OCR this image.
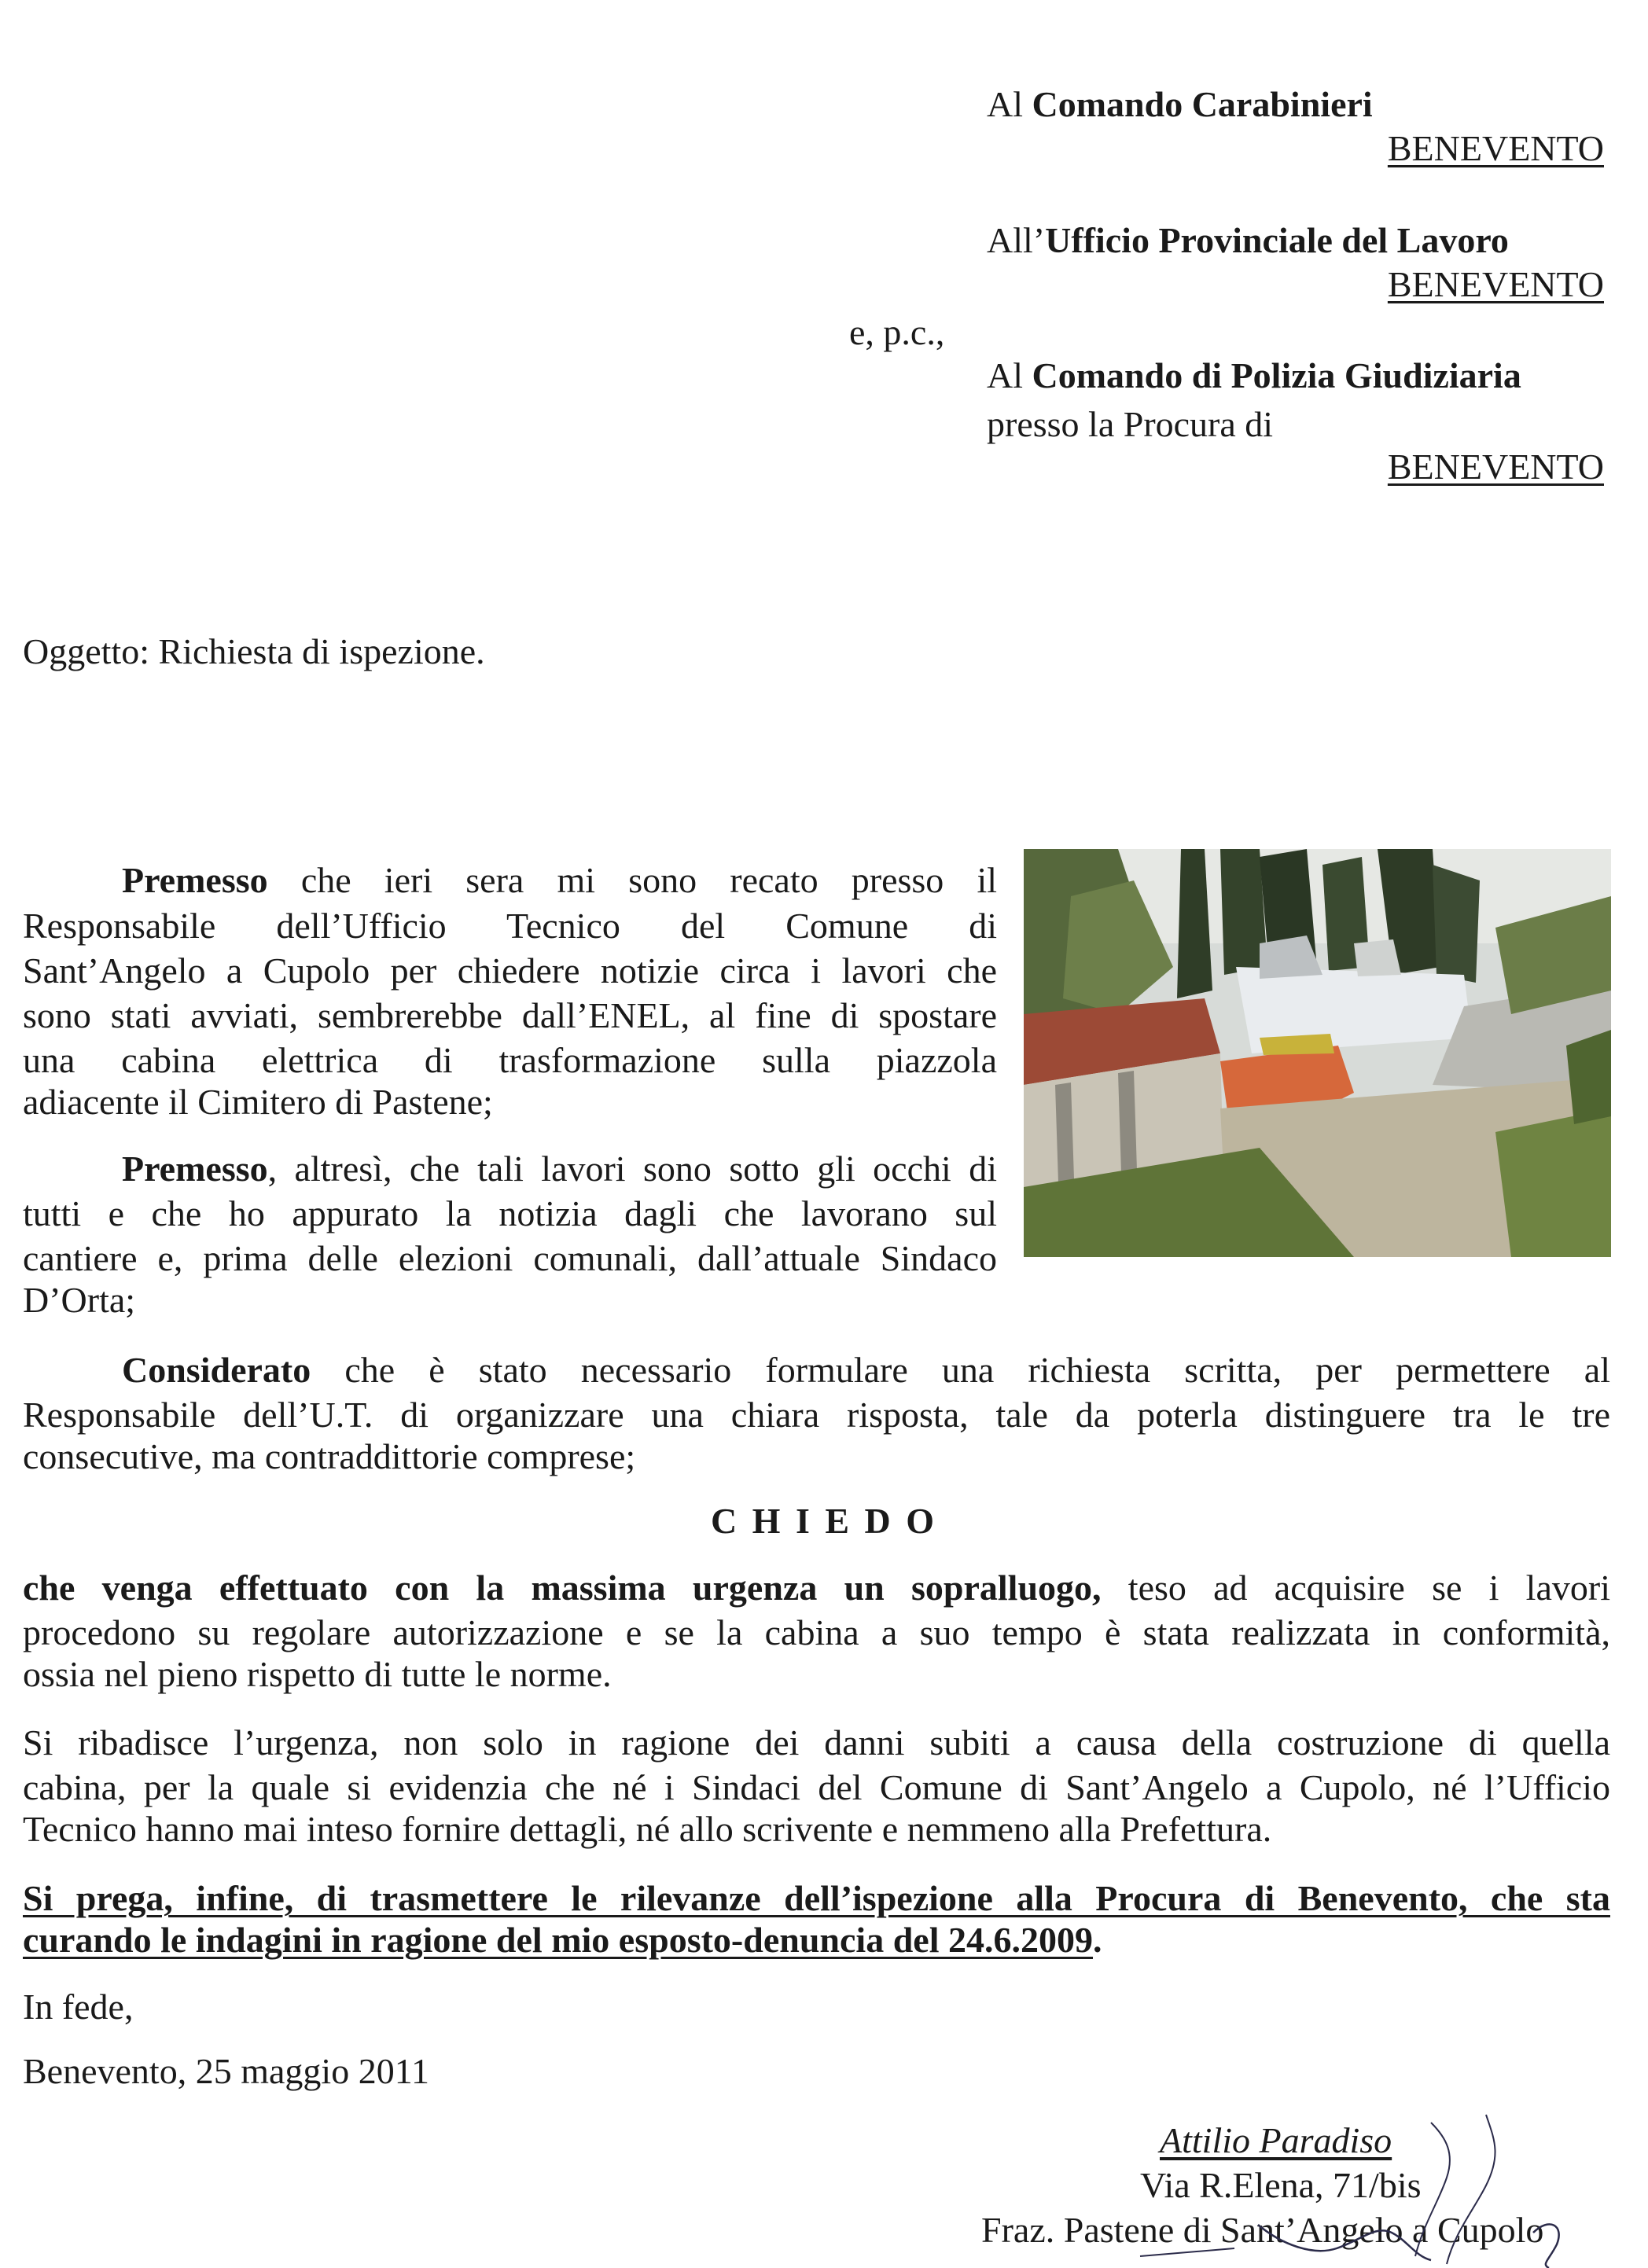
Al Comando Carabinieri
BENEVENTO
All’Ufficio Provinciale del Lavoro
BENEVENTO
e, p.c.,
Al Comando di Polizia Giudiziaria
presso la Procura di
BENEVENTO
Oggetto: Richiesta di ispezione.
Premesso che ieri sera mi sono recato presso il
Responsabile dell’Ufficio Tecnico del Comune di
Sant’Angelo a Cupolo per chiedere notizie circa i lavori che
sono stati avviati, sembrerebbe dall’ENEL, al fine di spostare
una cabina elettrica di trasformazione sulla piazzola
adiacente il Cimitero di Pastene;
Premesso, altresì, che tali lavori sono sotto gli occhi di
tutti e che ho appurato la notizia dagli che lavorano sul
cantiere e, prima delle elezioni comunali, dall’attuale Sindaco
D’Orta;
Considerato che è stato necessario formulare una richiesta scritta, per permettere al
Responsabile dell’U.T. di organizzare una chiara risposta, tale da poterla distinguere tra le tre
consecutive, ma contraddittorie comprese;
C H I E D O
che venga effettuato con la massima urgenza un sopralluogo, teso ad acquisire se i lavori
procedono su regolare autorizzazione e se la cabina a suo tempo è stata realizzata in conformità,
ossia nel pieno rispetto di tutte le norme.
Si ribadisce l’urgenza, non solo in ragione dei danni subiti a causa della costruzione di quella
cabina, per la quale si evidenzia che né i Sindaci del Comune di Sant’Angelo a Cupolo, né l’Ufficio
Tecnico hanno mai inteso fornire dettagli, né allo scrivente e nemmeno alla Prefettura.
Si prega, infine, di trasmettere le rilevanze dell’ispezione alla Procura di Benevento, che sta
curando le indagini in ragione del mio esposto-denuncia del 24.6.2009.
In fede,
Benevento, 25 maggio 2011
Attilio Paradiso
Via R.Elena, 71/bis
Fraz. Pastene di Sant’Angelo a Cupolo
